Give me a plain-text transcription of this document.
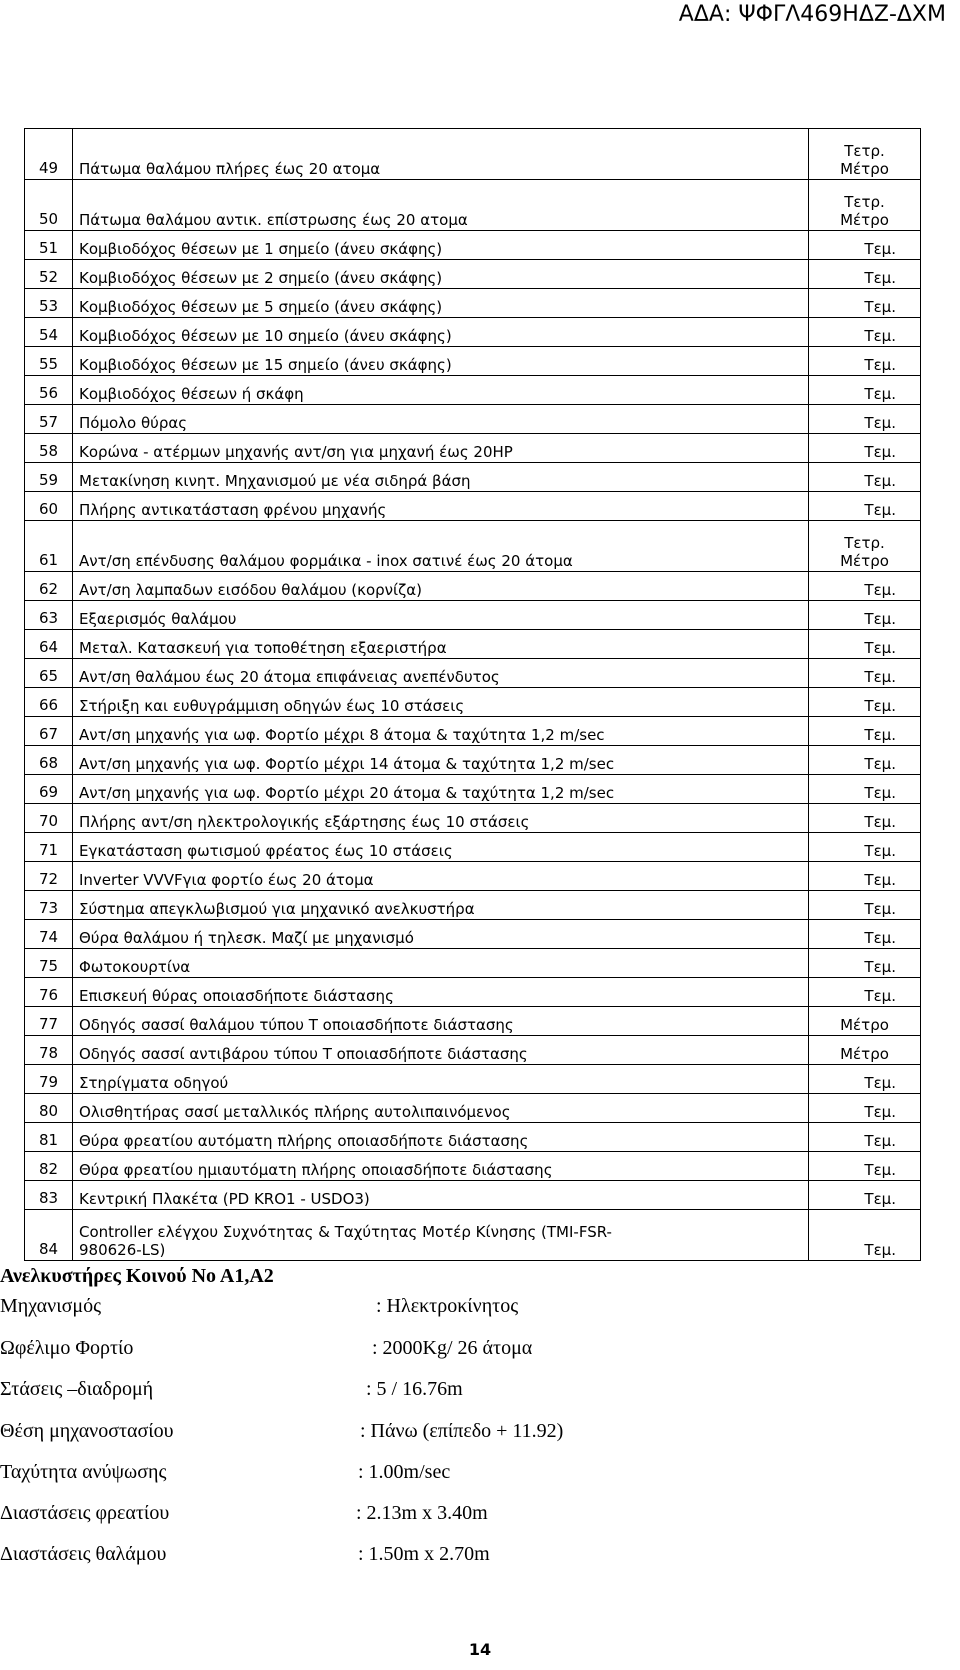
ΑΔΑ: ΨΦΓΛ469ΗΔΖ-ΔΧΜ
49	Πάτωμα θαλάμου πλήρες έως 20 ατομα	Τετρ.
Μέτρο
50	Πάτωμα θαλάμου αντικ. επίστρωσης έως 20 ατομα	Τετρ.
Μέτρο
51	Κομβιοδόχος θέσεων με 1 σημείο (άνευ σκάφης)	Τεμ.
52	Κομβιοδόχος θέσεων με 2 σημείο (άνευ σκάφης)	Τεμ.
53	Κομβιοδόχος θέσεων με 5 σημείο (άνευ σκάφης)	Τεμ.
54	Κομβιοδόχος θέσεων με 10 σημείο (άνευ σκάφης)	Τεμ.
55	Κομβιοδόχος θέσεων με 15 σημείο (άνευ σκάφης)	Τεμ.
56	Κομβιοδόχος θέσεων ή σκάφη	Τεμ.
57	Πόμολο θύρας	Τεμ.
58	Κορώνα - ατέρμων μηχανής αντ/ση για μηχανή έως 20ΗΡ	Τεμ.
59	Μετακίνηση κινητ. Μηχανισμού με νέα σιδηρά βάση	Τεμ.
60	Πλήρης αντικατάσταση φρένου μηχανής	Τεμ.
61	Αντ/ση επένδυσης θαλάμου φορμάικα - inox σατινέ έως 20 άτομα	Τετρ.
Μέτρο
62	Αντ/ση λαμπαδων εισόδου θαλάμου (κορνίζα)	Τεμ.
63	Εξαερισμός θαλάμου	Τεμ.
64	Μεταλ. Κατασκευή για τοποθέτηση εξαεριστήρα	Τεμ.
65	Αντ/ση θαλάμου έως 20 άτομα επιφάνειας ανεπένδυτος	Τεμ.
66	Στήριξη και ευθυγράμμιση οδηγών έως 10 στάσεις	Τεμ.
67	Αντ/ση μηχανής για ωφ. Φορτίο μέχρι 8 άτομα & ταχύτητα 1,2 m/sec	Τεμ.
68	Αντ/ση μηχανής για ωφ. Φορτίο μέχρι 14 άτομα & ταχύτητα 1,2 m/sec	Τεμ.
69	Αντ/ση μηχανής για ωφ. Φορτίο μέχρι 20 άτομα & ταχύτητα 1,2 m/sec	Τεμ.
70	Πλήρης αντ/ση ηλεκτρολογικής εξάρτησης έως 10 στάσεις	Τεμ.
71	Εγκατάσταση φωτισμού φρέατος έως 10 στάσεις	Τεμ.
72	Inverter VVVFγια φορτίο έως 20 άτομα	Τεμ.
73	Σύστημα απεγκλωβισμού για μηχανικό ανελκυστήρα	Τεμ.
74	Θύρα θαλάμου ή τηλεσκ. Μαζί με μηχανισμό	Τεμ.
75	Φωτοκουρτίνα	Τεμ.
76	Επισκευή θύρας οποιασδήποτε διάστασης	Τεμ.
77	Οδηγός σασσί θαλάμου τύπου Τ οποιασδήποτε διάστασης	Μέτρο
78	Οδηγός σασσί αντιβάρου τύπου Τ οποιασδήποτε διάστασης	Μέτρο
79	Στηρίγματα οδηγού	Τεμ.
80	Ολισθητήρας σασί μεταλλικός πλήρης αυτολιπαινόμενος	Τεμ.
81	Θύρα φρεατίου αυτόματη πλήρης οποιασδήποτε διάστασης	Τεμ.
82	Θύρα φρεατίου ημιαυτόματη πλήρης οποιασδήποτε διάστασης	Τεμ.
83	Κεντρική Πλακέτα (PD KRO1 - USDO3)	Τεμ.
84	Controller ελέγχου Συχνότητας & Ταχύτητας Μοτέρ Κίνησης (TMI-FSR-
980626-LS)	Τεμ.
Ανελκυστήρες Κοινού Νο Α1,Α2
Μηχανισμός	: Ηλεκτροκίνητος
Ωφέλιμο Φορτίο	: 2000Kg/ 26 άτομα
Στάσεις –διαδρομή	: 5 / 16.76m
Θέση μηχανοστασίου	: Πάνω (επίπεδο + 11.92)
Ταχύτητα ανύψωσης	: 1.00m/sec
Διαστάσεις φρεατίου	: 2.13m x 3.40m
Διαστάσεις θαλάμου	: 1.50m x 2.70m
14
